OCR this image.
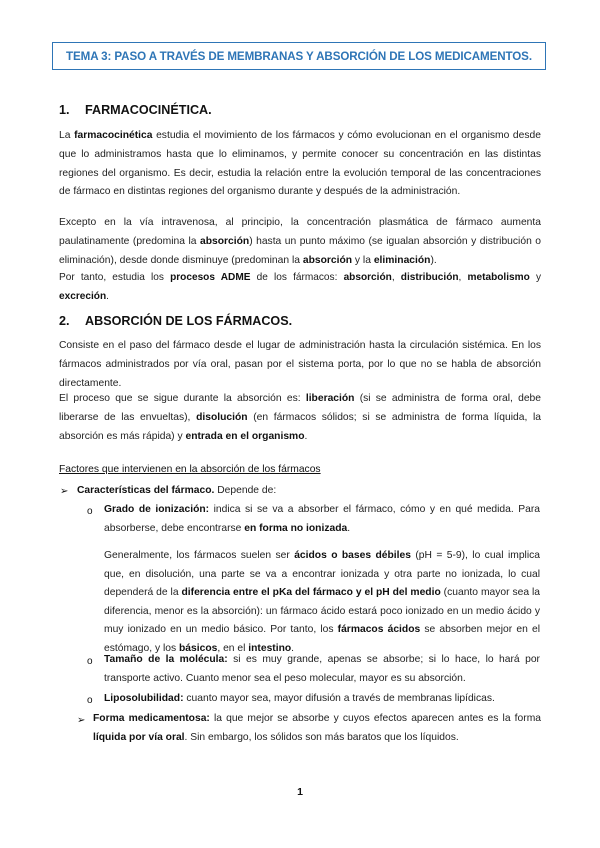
TEMA 3: PASO A TRAVÉS DE MEMBRANAS Y ABSORCIÓN DE LOS MEDICAMENTOS.
1. FARMACOCINÉTICA.

La farmacocinética estudia el movimiento de los fármacos y cómo evolucionan en el organismo desde que lo administramos hasta que lo eliminamos, y permite conocer su concentración en las distintas regiones del organismo. Es decir, estudia la relación entre la evolución temporal de las concentraciones de fármaco en distintas regiones del organismo durante y después de la administración.

Excepto en la vía intravenosa, al principio, la concentración plasmática de fármaco aumenta paulatinamente (predomina la absorción) hasta un punto máximo (se igualan absorción y distribución o eliminación), desde donde disminuye (predominan la absorción y la eliminación).

Por tanto, estudia los procesos ADME de los fármacos: absorción, distribución, metabolismo y excreción.

2. ABSORCIÓN DE LOS FÁRMACOS.

Consiste en el paso del fármaco desde el lugar de administración hasta la circulación sistémica. En los fármacos administrados por vía oral, pasan por el sistema porta, por lo que no se habla de absorción directamente.

El proceso que se sigue durante la absorción es: liberación (si se administra de forma oral, debe liberarse de las envueltas), disolución (en fármacos sólidos; si se administra de forma líquida, la absorción es más rápida) y entrada en el organismo.

Factores que intervienen en la absorción de los fármacos
➢ Características del fármaco. Depende de:

o Grado de ionización: indica si se va a absorber el fármaco, cómo y en qué medida. Para absorberse, debe encontrarse en forma no ionizada.

Generalmente, los fármacos suelen ser ácidos o bases débiles (pH = 5-9), lo cual implica que, en disolución, una parte se va a encontrar ionizada y otra parte no ionizada, lo cual dependerá de la diferencia entre el pKa del fármaco y el pH del medio (cuanto mayor sea la diferencia, menor es la absorción): un fármaco ácido estará poco ionizado en un medio ácido y muy ionizado en un medio básico. Por tanto, los fármacos ácidos se absorben mejor en el estómago, y los básicos, en el intestino.

o Tamaño de la molécula: si es muy grande, apenas se absorbe; si lo hace, lo hará por transporte activo. Cuanto menor sea el peso molecular, mayor es su absorción.

o Liposolubilidad: cuanto mayor sea, mayor difusión a través de membranas lipídicas.

➢ Forma medicamentosa: la que mejor se absorbe y cuyos efectos aparecen antes es la forma líquida por vía oral. Sin embargo, los sólidos son más baratos que los líquidos.

1
